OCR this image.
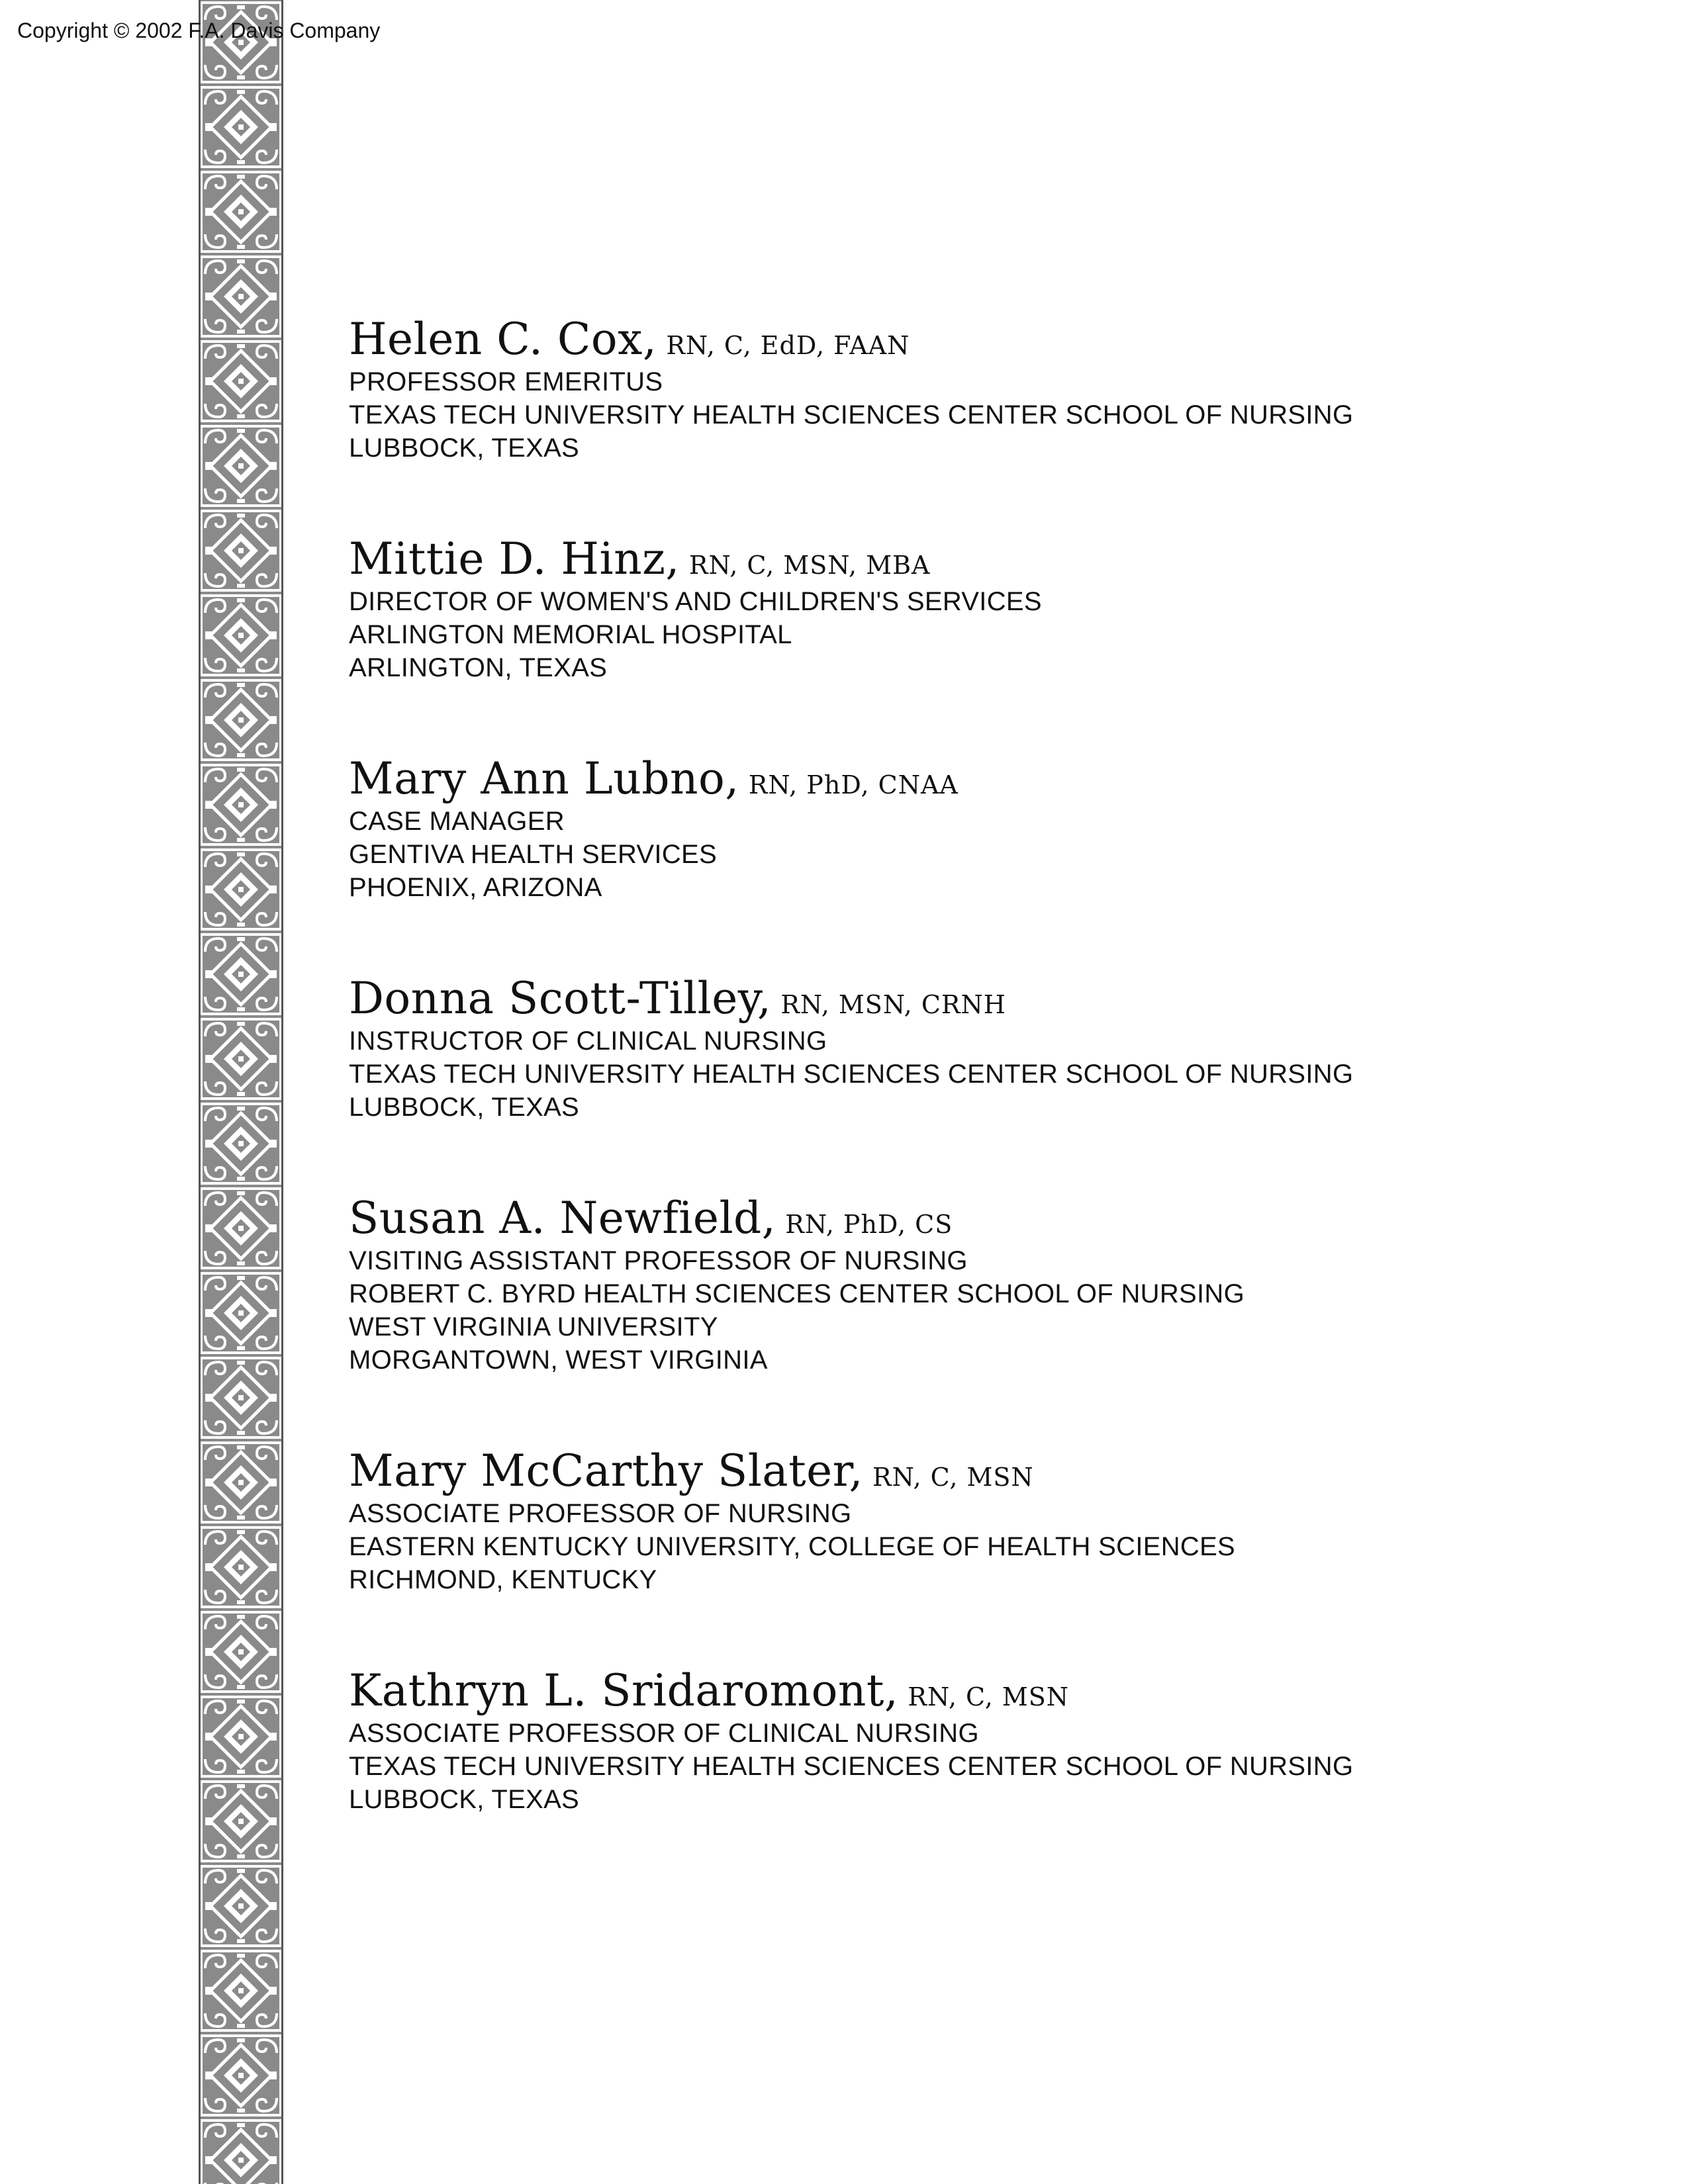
Copyright © 2002 F.A. Davis Company
Helen C. Cox, RN, C, EdD, FAAN
PROFESSOR EMERITUS
TEXAS TECH UNIVERSITY HEALTH SCIENCES CENTER SCHOOL OF NURSING
LUBBOCK, TEXAS
Mittie D. Hinz, RN, C, MSN, MBA
DIRECTOR OF WOMEN'S AND CHILDREN'S SERVICES
ARLINGTON MEMORIAL HOSPITAL
ARLINGTON, TEXAS
Mary Ann Lubno, RN, PhD, CNAA
CASE MANAGER
GENTIVA HEALTH SERVICES
PHOENIX, ARIZONA
Donna Scott-Tilley, RN, MSN, CRNH
INSTRUCTOR OF CLINICAL NURSING
TEXAS TECH UNIVERSITY HEALTH SCIENCES CENTER SCHOOL OF NURSING
LUBBOCK, TEXAS
Susan A. Newfield, RN, PhD, CS
VISITING ASSISTANT PROFESSOR OF NURSING
ROBERT C. BYRD HEALTH SCIENCES CENTER SCHOOL OF NURSING
WEST VIRGINIA UNIVERSITY
MORGANTOWN, WEST VIRGINIA
Mary McCarthy Slater, RN, C, MSN
ASSOCIATE PROFESSOR OF NURSING
EASTERN KENTUCKY UNIVERSITY, COLLEGE OF HEALTH SCIENCES
RICHMOND, KENTUCKY
Kathryn L. Sridaromont, RN, C, MSN
ASSOCIATE PROFESSOR OF CLINICAL NURSING
TEXAS TECH UNIVERSITY HEALTH SCIENCES CENTER SCHOOL OF NURSING
LUBBOCK, TEXAS
